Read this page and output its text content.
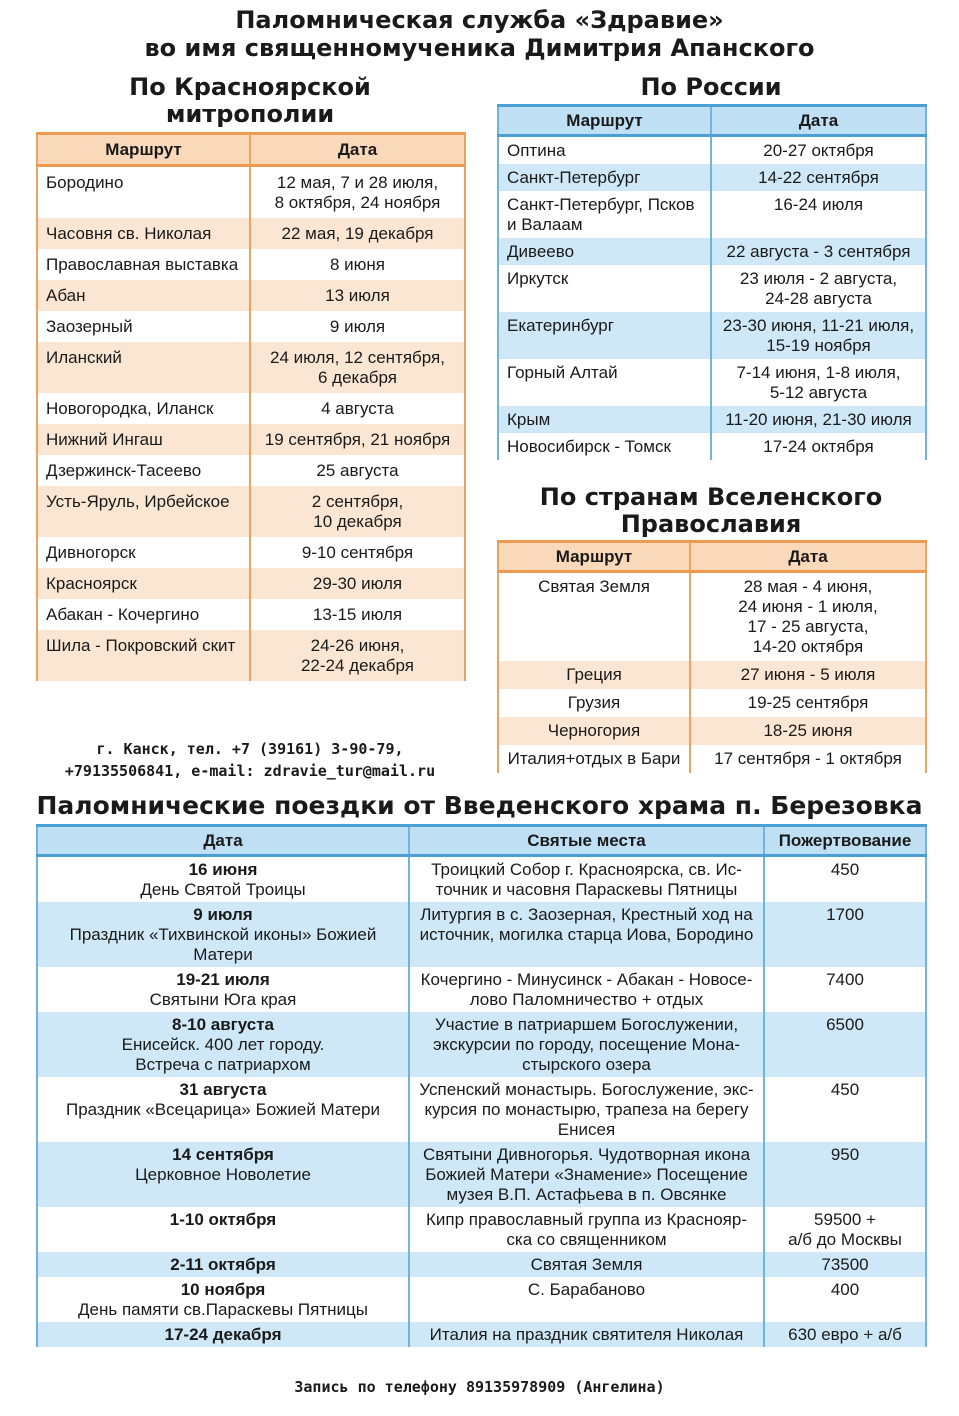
Паломническая служба «Здравие»
во имя священномученика Димитрия Апанского
По Красноярской
митрополии
Маршрут	Дата

Бородино	12 мая, 7 и 28 июля,
8 октября, 24 ноября

Часовня св. Николая	22 мая, 19 декабря

Православная выставка	8 июня

Абан	13 июля

Заозерный	9 июля

Иланский	24 июля, 12 сентября,
6 декабря

Новогородка, Иланск	4 августа

Нижний Ингаш	19 сентября, 21 ноября

Дзержинск-Тасеево	25 августа

Усть-Яруль, Ирбейское	2 сентября,
10 декабря

Дивногорск	9-10 сентября

Красноярск	29-30 июля

Абакан - Кочергино	13-15 июля

Шила - Покровский скит	24-26 июня,
22-24 декабря
г. Канск, тел. +7 (39161) 3-90-79,
+79135506841, e-mail: zdravie_tur@mail.ru
По России
Маршрут	Дата

Оптина	20-27 октября

Санкт-Петербург	14-22 сентября

Санкт-Петербург, Псков
и Валаам	16-24 июля

Дивеево	22 августа - 3 сентября

Иркутск	23 июля - 2 августа,
24-28 августа

Екатеринбург	23-30 июня, 11-21 июля,
15-19 ноября

Горный Алтай	7-14 июня, 1-8 июля,
5-12 августа

Крым	11-20 июня, 21-30 июля

Новосибирск - Томск	17-24 октября
По странам Вселенского
Православия
Маршрут	Дата

Святая Земля	28 мая - 4 июня,
24 июня - 1 июля,
17 - 25 августа,
14-20 октября

Греция	27 июня - 5 июля

Грузия	19-25 сентября

Черногория	18-25 июня

Италия+отдых в Бари	17 сентября - 1 октября
Паломнические поездки от Введенского храма п. Березовка
Дата	Святые места	Пожертвование

16 июня
День Святой Троицы	Троицкий Собор г. Красноярска, св. Ис-
точник и часовня Параскевы Пятницы	450

9 июля
Праздник «Тихвинской иконы» Божией Матери	Литургия в с. Заозерная, Крестный ход на
источник, могилка старца Иова, Бородино	1700

19-21 июля
Святыни Юга края	Кочергино - Минусинск - Абакан - Новосе-
лово Паломничество + отдых	7400

8-10 августа
Енисейск. 400 лет городу.
Встреча с патриархом	Участие в патриаршем Богослужении,
экскурсии по городу, посещение Мона-
стырского озера	6500

31 августа
Праздник «Всецарица» Божией Матери	Успенский монастырь. Богослужение, экс-
курсия по монастырю, трапеза на берегу
Енисея	450

14 сентября
Церковное Новолетие	Святыни Дивногорья. Чудотворная икона
Божией Матери «Знамение» Посещение
музея В.П. Астафьева в п. Овсянке	950

1-10 октября	Кипр православный группа из Краснояр-
ска со священником	59500 +
а/б до Москвы

2-11 октября	Святая Земля	73500

10 ноября
День памяти св.Параскевы Пятницы	С. Барабаново	400

17-24 декабря	Италия на праздник святителя Николая	630 евро + а/б
Запись по телефону 89135978909 (Ангелина)
